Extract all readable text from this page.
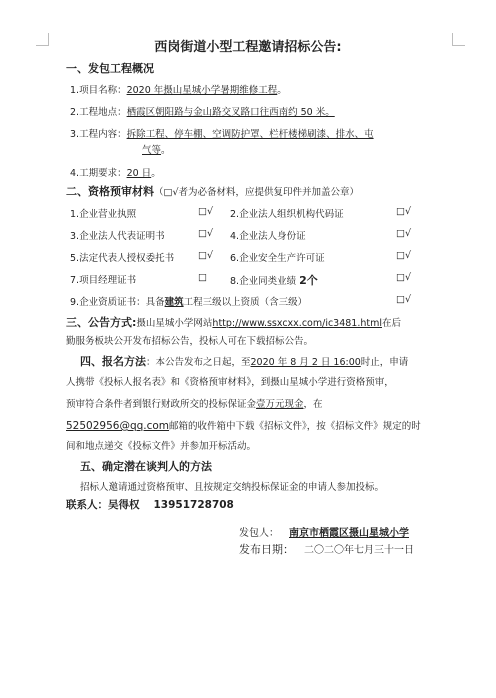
西岗街道小型工程邀请招标公告:
一、发包工程概况
1.项目名称：2020 年摄山星城小学暑期维修工程。
2.工程地点：栖霞区朝阳路与金山路交叉路口往西南约 50 米。
3.工程内容：拆除工程、停车棚、空调防护罩、栏杆楼梯刷漆、排水、屯
气等。
4.工期要求：20 日。
二、资格预审材料（□√者为必备材料，应提供复印件并加盖公章）
1.企业营业执照	□√ 2.企业法人组织机构代码证	□√
3.企业法人代表证明书	□√ 4.企业法人身份证	□√
5.法定代表人授权委托书	□√ 6.企业安全生产许可证	□√
7.项目经理证书	□ 8.企业同类业绩 2个	□√
9.企业资质证书：具备建筑工程三级以上资质（含三级）	□√
三、公告方式:摄山星城小学网站http://www.ssxcxx.com/ic3481.html在后
勤服务板块公开发布招标公告，投标人可在下载招标公告。
四、报名方法：本公告发布之日起，至2020 年 8 月 2 日 16:00时止，申请
人携带《投标人报名表》和《资格预审材料》，到摄山星城小学进行资格预审，
预审符合条件者到银行财政所交的投标保证金壹万元现金，在
52502956@qq.com邮箱的收件箱中下载《招标文件》，按《招标文件》规定的时
间和地点递交《投标文件》并参加开标活动。
五、确定潜在谈判人的方法
招标人邀请通过资格预审、且按规定交纳投标保证金的申请人参加投标。
联系人：吴得权 13951728708
发包人： 南京市栖霞区摄山星城小学
发布日期： 二〇二〇年七月三十一日
